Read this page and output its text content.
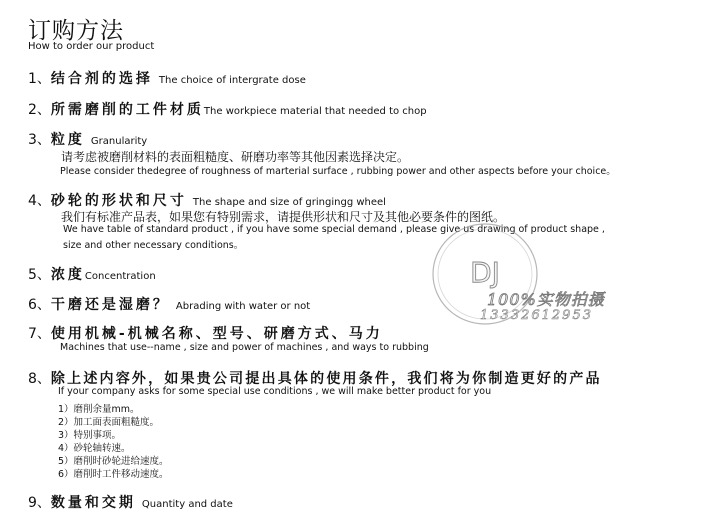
订购方法
How to order our product
1、结合剂的选择 The choice of intergrate dose
2、所需磨削的工件材质The workpiece material that needed to chop
3、粒度 Granularity
请考虑被磨削材料的表面粗糙度、研磨功率等其他因素选择决定。
Please consider thedegree of roughness of marterial surface , rubbing power and other aspects before your choice。
4、砂轮的形状和尺寸 The shape and size of gringingg wheel
我们有标准产品表，如果您有特别需求，请提供形状和尺寸及其他必要条件的图纸。
We have table of standard product , if you have some special demand , please give us drawing of product shape ,
size and other necessary conditions。
5、浓度Concentration
6、干磨还是湿磨？ Abrading with water or not
7、使用机械-机械名称、型号、研磨方式、马力
Machines that use--name , size and power of machines , and ways to rubbing
8、除上述内容外，如果贵公司提出具体的使用条件，我们将为你制造更好的产品
If your company asks for some special use conditions , we will make better product for you
1）磨削余量mm。
2）加工面表面粗糙度。
3）特别事项。
4）砂轮轴转速。
5）磨削时砂轮进给速度。
6）磨削时工件移动速度。
9、数量和交期 Quantity and date
DJ
100%实物拍摄
13332612953
